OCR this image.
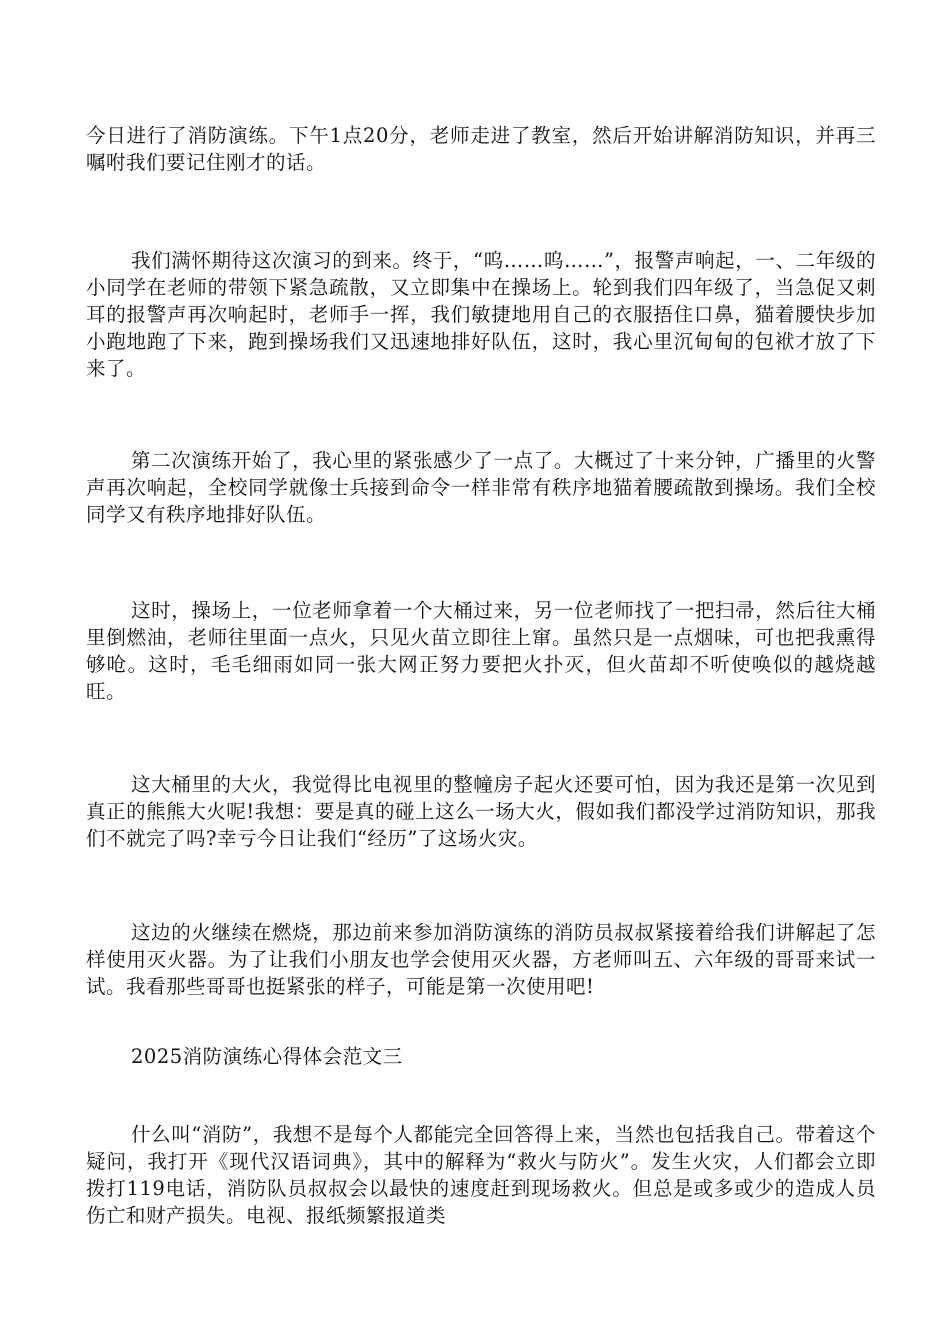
今日进行了消防演练。下午1点20分，老师走进了教室，然后开始讲解消防知识，并再三嘱咐我们要记住刚才的话。

我们满怀期待这次演习的到来。终于，“呜……呜……”，报警声响起，一、二年级的小同学在老师的带领下紧急疏散，又立即集中在操场上。轮到我们四年级了，当急促又刺耳的报警声再次响起时，老师手一挥，我们敏捷地用自己的衣服捂住口鼻，猫着腰快步加小跑地跑了下来，跑到操场我们又迅速地排好队伍，这时，我心里沉甸甸的包袱才放了下来了。

第二次演练开始了，我心里的紧张感少了一点了。大概过了十来分钟，广播里的火警声再次响起，全校同学就像士兵接到命令一样非常有秩序地猫着腰疏散到操场。我们全校同学又有秩序地排好队伍。

这时，操场上，一位老师拿着一个大桶过来，另一位老师找了一把扫帚，然后往大桶里倒燃油，老师往里面一点火，只见火苗立即往上窜。虽然只是一点烟味，可也把我熏得够呛。这时，毛毛细雨如同一张大网正努力要把火扑灭，但火苗却不听使唤似的越烧越旺。

这大桶里的大火，我觉得比电视里的整幢房子起火还要可怕，因为我还是第一次见到真正的熊熊大火呢!我想：要是真的碰上这么一场大火，假如我们都没学过消防知识，那我们不就完了吗?幸亏今日让我们“经历”了这场火灾。

这边的火继续在燃烧，那边前来参加消防演练的消防员叔叔紧接着给我们讲解起了怎样使用灭火器。为了让我们小朋友也学会使用灭火器，方老师叫五、六年级的哥哥来试一试。我看那些哥哥也挺紧张的样子，可能是第一次使用吧!

2025消防演练心得体会范文三

什么叫“消防”，我想不是每个人都能完全回答得上来，当然也包括我自己。带着这个疑问，我打开《现代汉语词典》，其中的解释为“救火与防火”。发生火灾，人们都会立即拨打119电话，消防队员叔叔会以最快的速度赶到现场救火。但总是或多或少的造成人员伤亡和财产损失。电视、报纸频繁报道类
